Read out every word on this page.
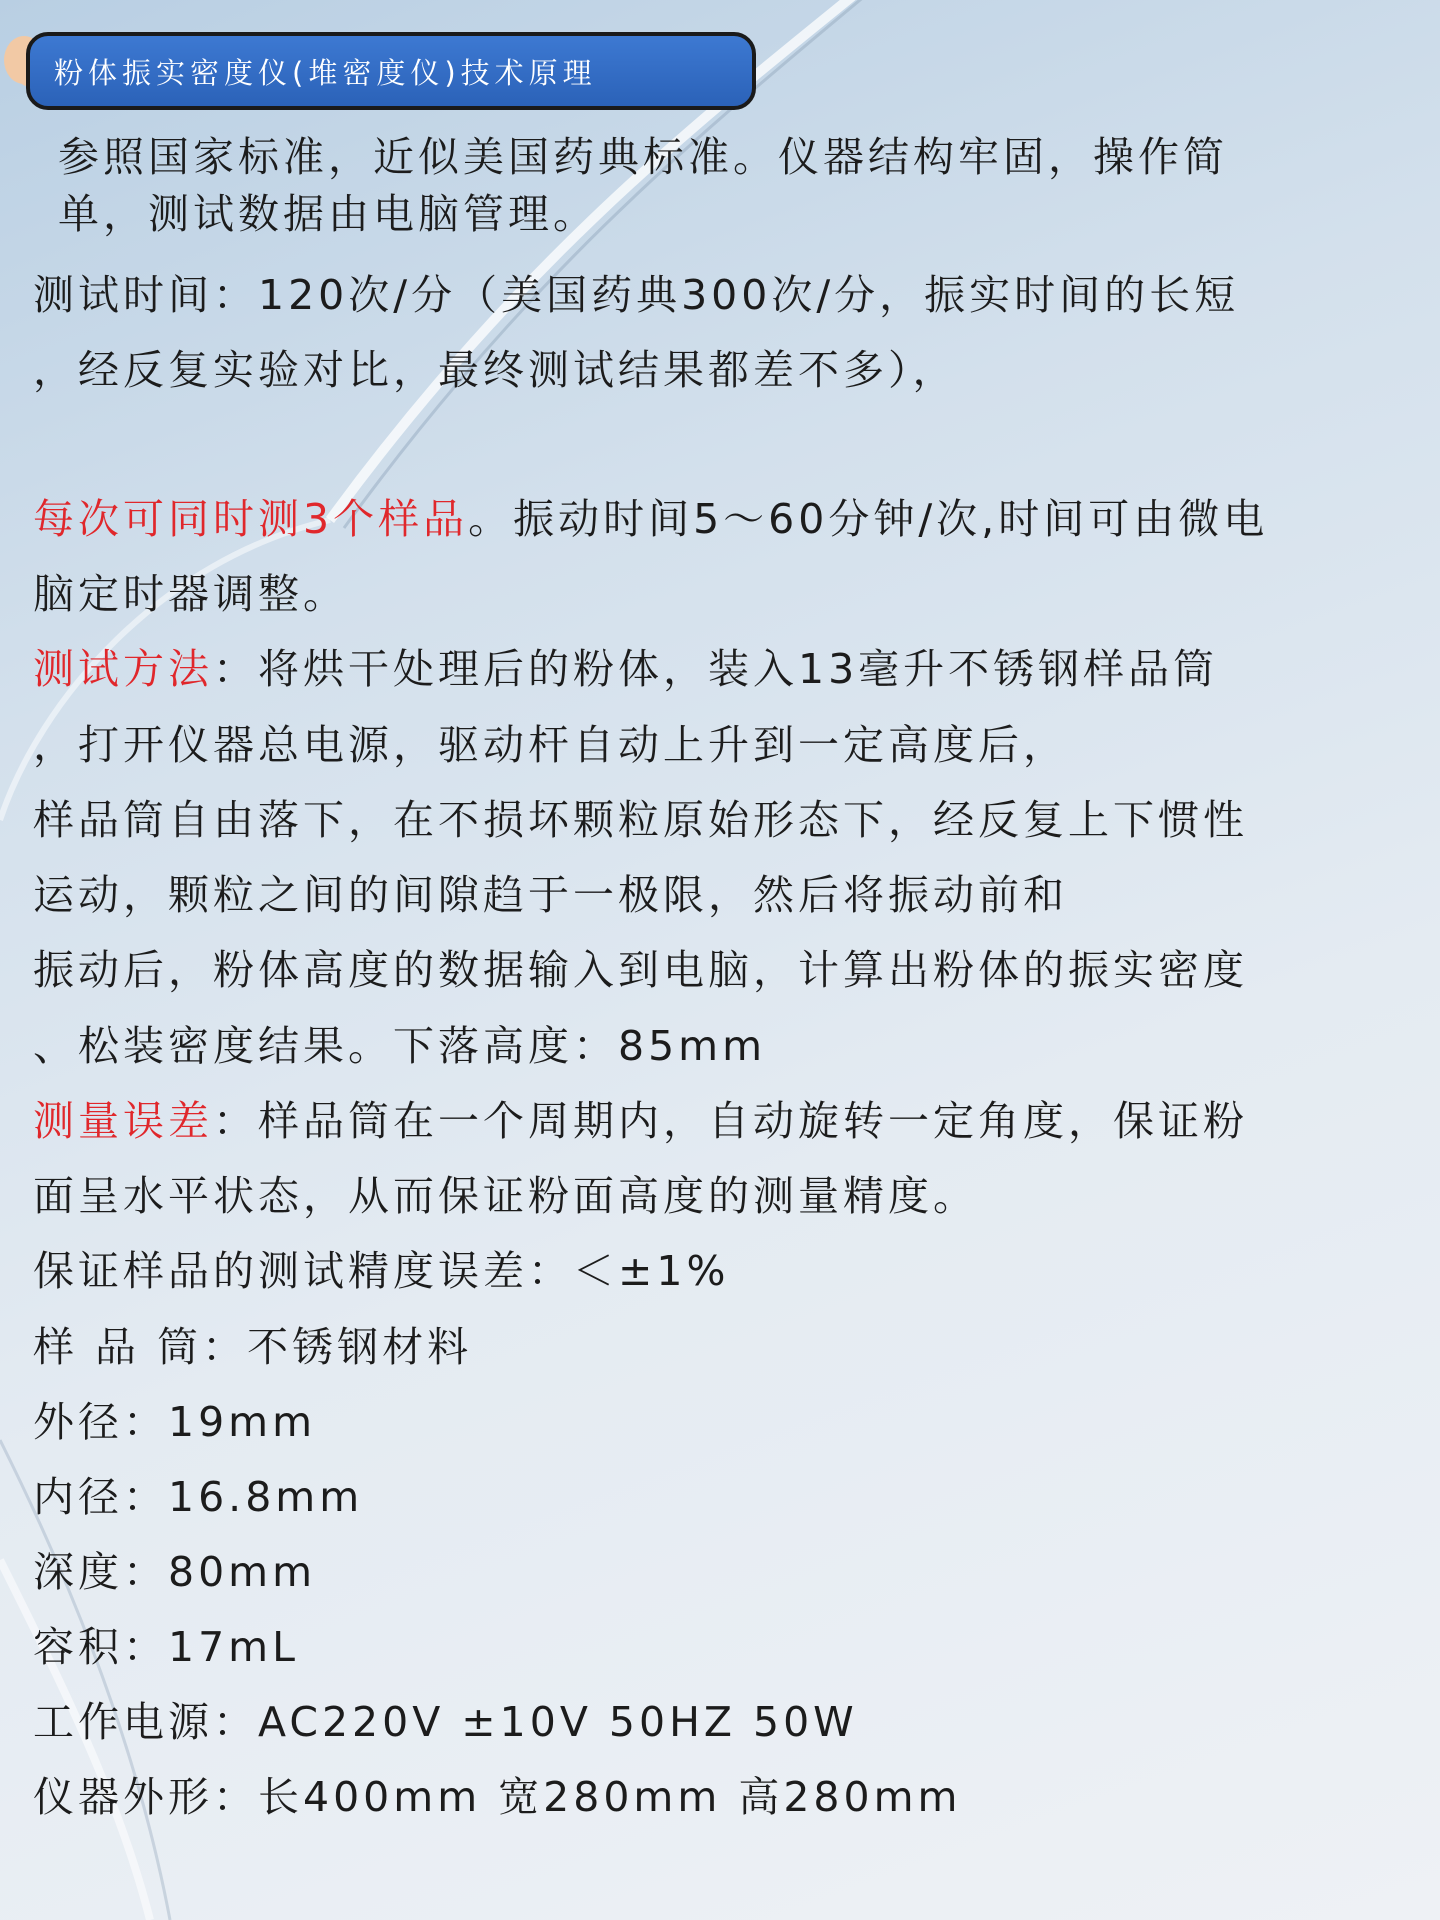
粉体振实密度仪(堆密度仪)技术原理
参照国家标准，近似美国药典标准。仪器结构牢固，操作简
单，测试数据由电脑管理。
测试时间：120次/分（美国药典300次/分，振实时间的长短
，经反复实验对比，最终测试结果都差不多），
每次可同时测3个样品。振动时间5～60分钟/次,时间可由微电
脑定时器调整。
测试方法：将烘干处理后的粉体，装入13毫升不锈钢样品筒
，打开仪器总电源，驱动杆自动上升到一定高度后，
样品筒自由落下，在不损坏颗粒原始形态下，经反复上下惯性
运动，颗粒之间的间隙趋于一极限，然后将振动前和
振动后，粉体高度的数据输入到电脑，计算出粉体的振实密度
、松装密度结果。下落高度：85mm
测量误差：样品筒在一个周期内，自动旋转一定角度，保证粉
面呈水平状态，从而保证粉面高度的测量精度。
保证样品的测试精度误差：＜±1%
样 品 筒：不锈钢材料
外径：19mm
内径：16.8mm
深度：80mm
容积：17mL
工作电源：AC220V ±10V 50HZ 50W
仪器外形：长400mm 宽280mm 高280mm
